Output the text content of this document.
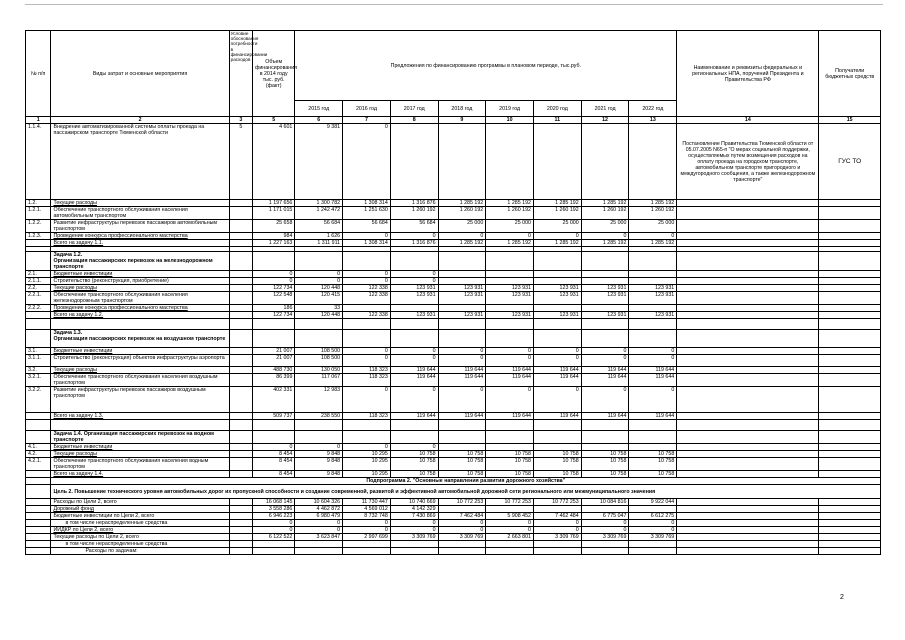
№ п/п	Виды затрат и основные мероприятия	Условие обоснования потребности в финансировании расходов	Объем финансирования в 2014 году тыс. руб. (факт)	Предложения по финансированию программы в плановом периоде, тыс.руб.								Наименование и реквизиты федеральных и региональных НПА, поручений Президента и Правительства РФ	Получатели бюджетных средств
				2015 год	2016 год	2017 год	2018 год	2019 год	2020 год	2021 год	2022 год		
1	2	3	5	6	7	8	9	10	11	12	13	14	15
1.1.4.	Внедрение автоматизированной системы оплаты проезда на пассажирском транспорте Тюменской области	5	4 601	9 381	0							Постановление Правительства Тюменской области от 05.07.2005 N65-п "О мерах социальной поддержки, осуществляемых путем возмещения расходов на оплату проезда на городском транспорте, автомобильном транспорте пригородного и междугородного сообщения, а также железнодорожном транспорте"	ГУС ТО
1.2.	Текущие расходы		1 197 656	1 300 782	1 308 314	1 316 876	1 285 192	1 285 192	1 285 192	1 285 192	1 285 192		
1.2.1.	Обеспечение транспортного обслуживания населения автомобильным транспортом		1 171 015	1 242 472	1 251 630	1 260 192	1 260 192	1 260 192	1 260 192	1 260 192	1 260 192		
1.2.2.	Развитие инфраструктуры перевозок пассажиров автомобильным транспортом		25 658	56 684	56 684	56 684	25 000	25 000	25 000	25 000	25 000		
1.2.3.	Проведение конкурса профессионального мастерства		984	1 626	0	0	0	0	0	0	0		
	Всего на задачу 1.1.		1 227 163	1 311 911	1 308 314	1 316 876	1 285 192	1 285 192	1 285 192	1 285 192	1 285 192		

	Задача 1.2.
Организация пассажирских перевозок на железнодорожном транспорте												

2.1.	Бюджетные инвестиции		0	0	0	0							
2.1.1.	Строительство (реконструкция, приобретение)		0	0	0	0							
2.2.	Текущие расходы		122 734	120 448	122 338	123 931	123 931	123 931	123 931	123 931	123 931		
2.2.1.	Обеспечение транспортного обслуживания населения железнодорожным транспортом		122 548	120 415	122 338	123 931	123 931	123 931	123 931	123 931	123 931		
2.2.2.	Проведение конкурса профессионального мастерства		186	33									
	Всего на задачу 1.2.		122 734	120 448	122 338	123 931	123 931	123 931	123 931	123 931	123 931		

	Задача 1.3.
Организация пассажирских перевозок на воздушном транспорте												

3.1.	Бюджетные инвестиции		21 007	108 500	0	0	0	0	0	0	0		
3.1.1.	Строительство (реконструкция) объектов инфраструктуры аэропорта		21 007	108 500	0	0	0	0	0	0	0		
3.2.	Текущие расходы		488 730	130 050	118 323	119 644	119 644	119 644	119 644	119 644	119 644		
3.2.1.	Обеспечение транспортного обслуживания населения воздушным транспортом		86 399	117 067	118 323	119 644	119 644	119 644	119 644	119 644	119 644		
3.2.2.	Развитие инфраструктуры перевозок пассажиров воздушным транспортом		402 331	12 983	0	0	0	0	0	0	0		
	Всего на задачу 1.3.		509 737	238 550	118 323	119 644	119 644	119 644	119 644	119 644	119 644		

	Задача 1.4. Организация пассажирских перевозок на водном транспорте												

4.1.	Бюджетные инвестиции		0	0	0	0							
4.2.	Текущие расходы		8 454	9 848	10 295	10 758	10 758	10 758	10 758	10 758	10 758		
4.2.1.	Обеспечение транспортного обслуживания населения водным транспортом		8 454	9 848	10 295	10 758	10 758	10 758	10 758	10 758	10 758		
	Всего на задачу 1.4.		8 454	9 848	10 295	10 758	10 758	10 758	10 758	10 758	10 758		
	Подпрограмма 2. "Основные направления развития дорожного хозяйства"												
	Цель 2. Повышение технического уровня автомобильных дорог их пропускной способности и создание современной, развитой и эффективной автомобильной дорожной сети регионального или межмуниципального значения												
	Расходы по Цели 2, всего		16 068 145	10 604 326	11 730 447	10 740 669	10 772 253	10 772 253	10 772 253	10 084 816	9 922 044		
	Дорожный фонд		3 558 286	4 462 872	4 569 012	4 142 329							
	Бюджетные инвестиции по Цели 2, всего		6 946 223	6 980 479	8 732 748	7 430 869	7 462 484	5 908 452	7 462 484	6 775 047	6 612 275		
	в том числе нераспределенные средства		0	0	0	0	0	0	0	0	0		
	ИИДКР по Цели 2, всего		0	0	0	0	0	0	0	0	0		
	Текущие расходы по Цели 2, всего		6 122 522	3 623 847	2 997 699	3 309 769	3 309 769	2 663 801	3 309 769	3 309 769	3 309 769		
	в том числе нераспределенные средства												
	Расходы по задачам:												
2
